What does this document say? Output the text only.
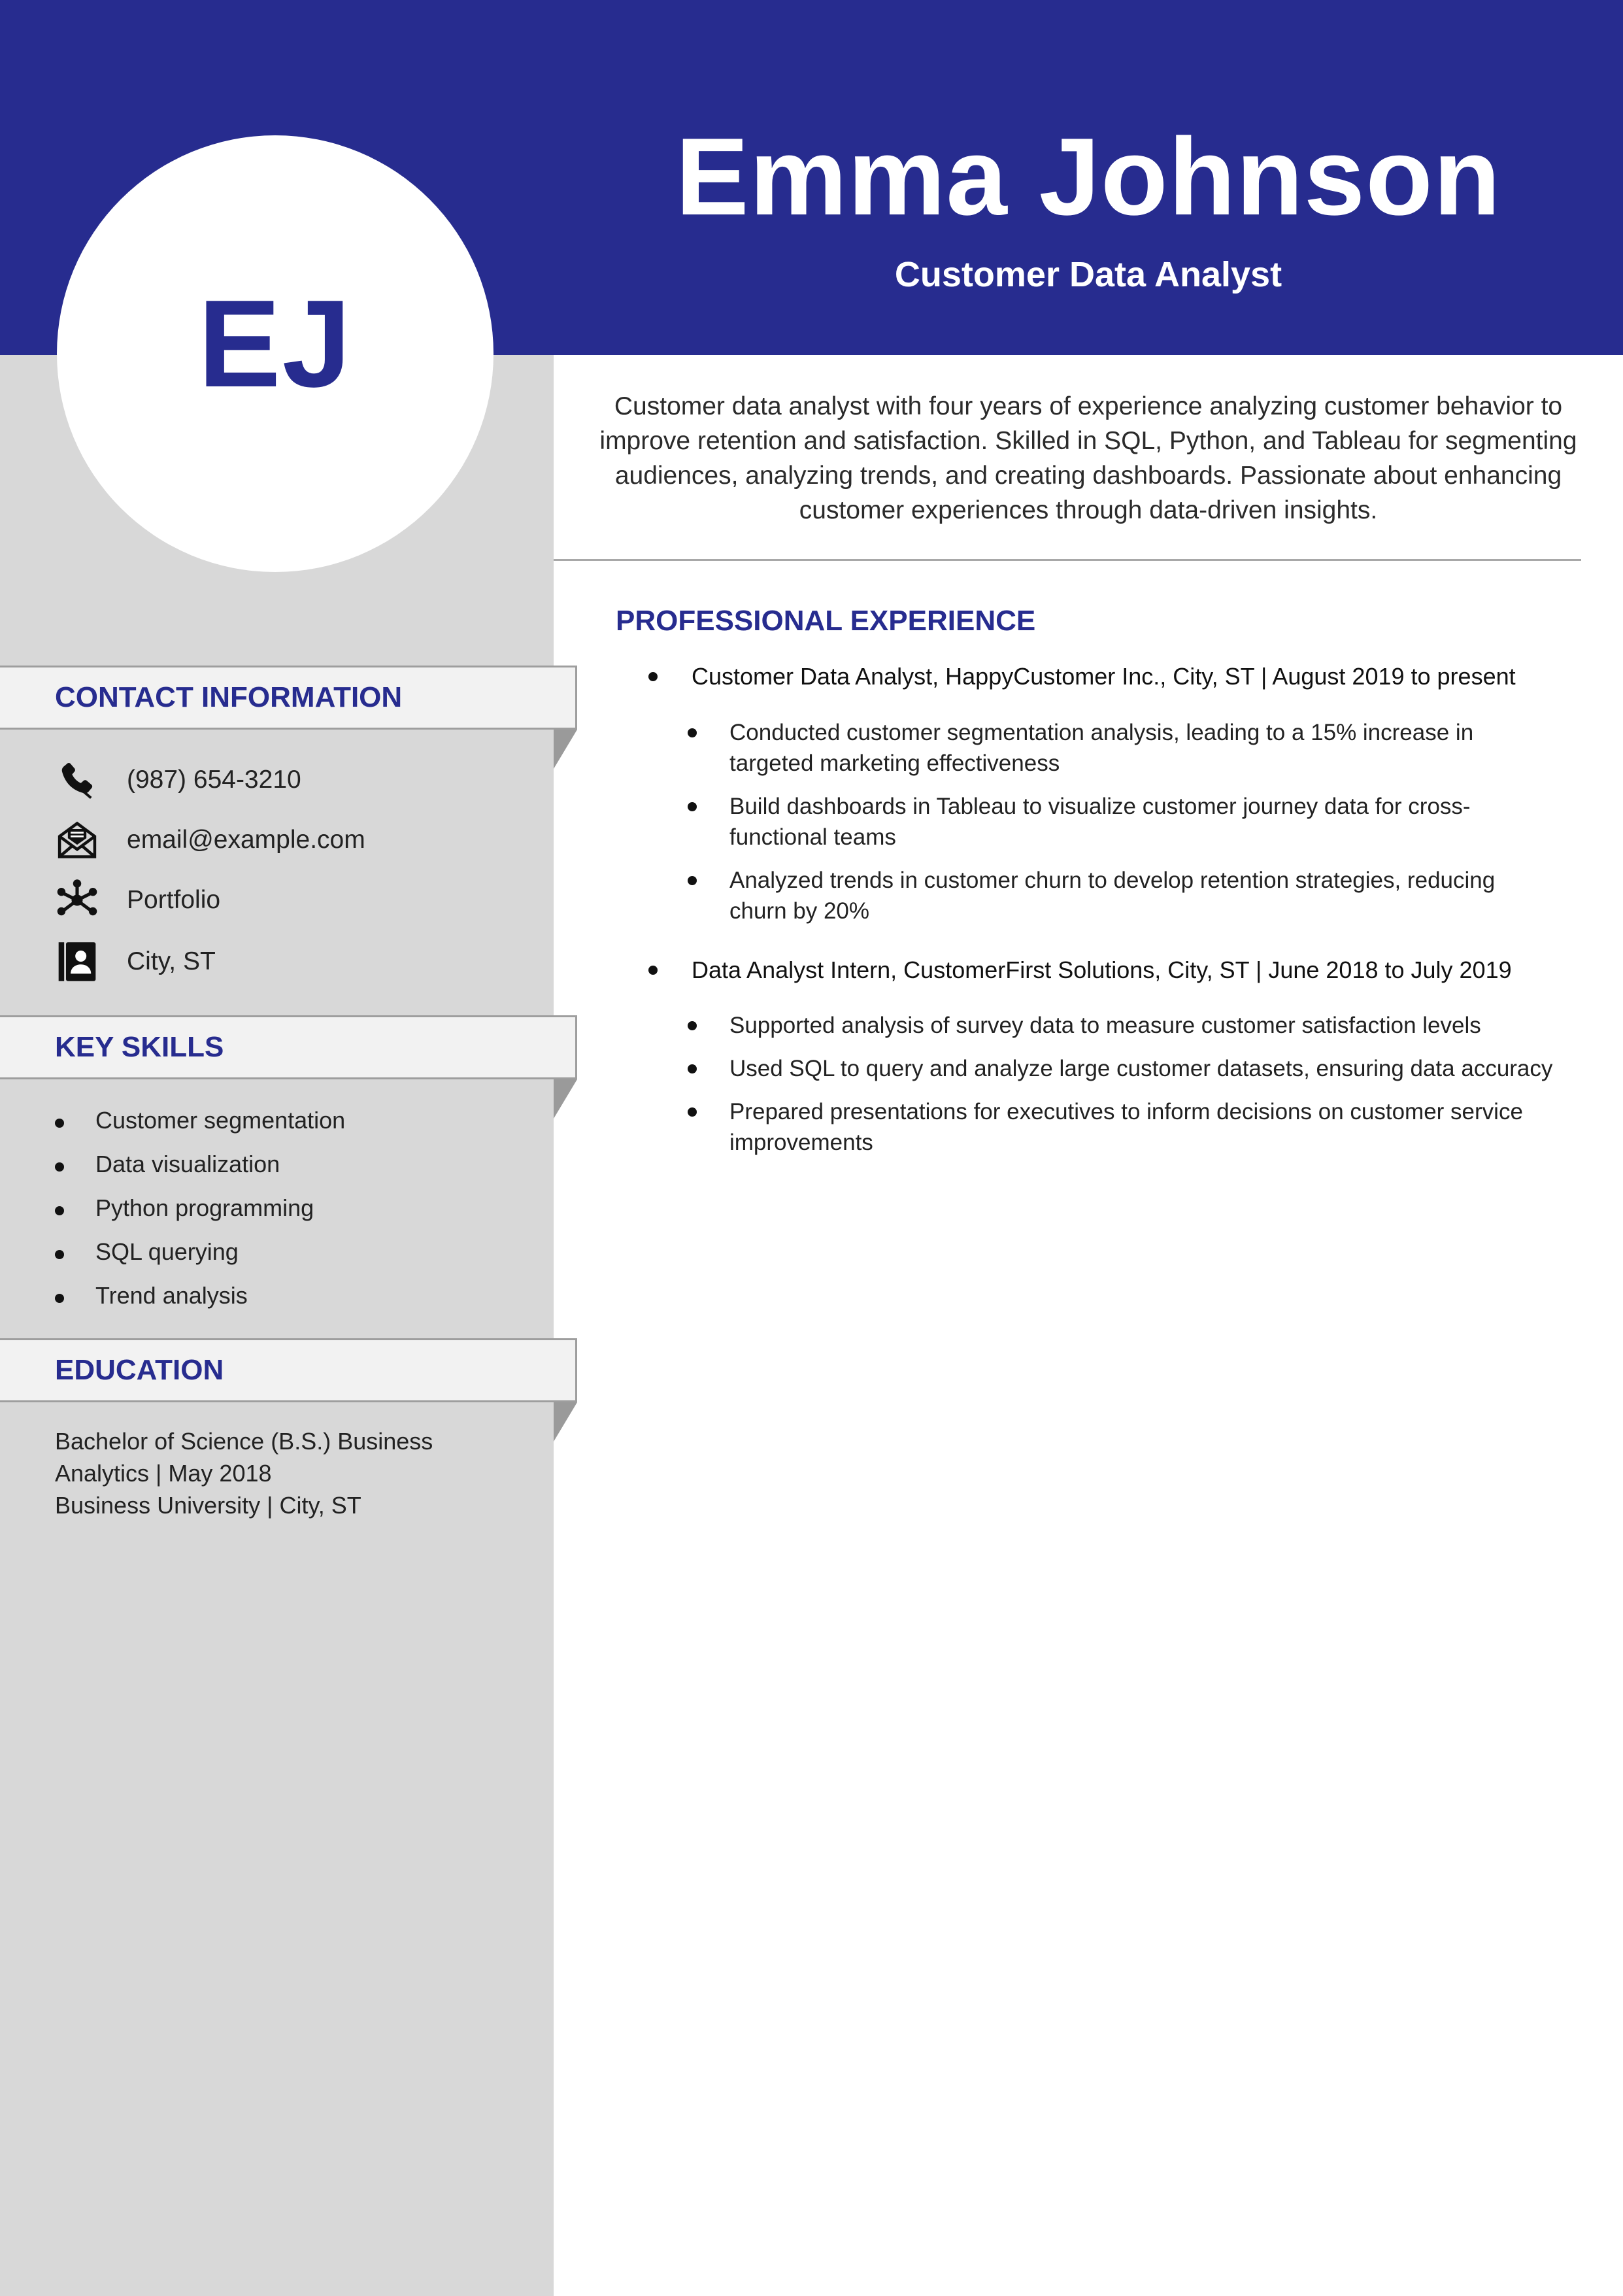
Emma Johnson
Customer Data Analyst
EJ	Customer data analyst with four years of experience analyzing customer behavior to improve retention and satisfaction. Skilled in SQL, Python, and Tableau for segmenting audiences, analyzing trends, and creating dashboards. Passionate about enhancing customer experiences through data-driven insights.
CONTACT INFORMATION
(987) 654-3210
email@example.com
Portfolio
City, ST
KEY SKILLS
Customer segmentation
Data visualization
Python programming
SQL querying
Trend analysis
EDUCATION
Bachelor of Science (B.S.) Business Analytics | May 2018
Business University | City, ST
PROFESSIONAL EXPERIENCE
Customer Data Analyst, HappyCustomer Inc., City, ST | August 2019 to present
Conducted customer segmentation analysis, leading to a 15% increase in targeted marketing effectiveness
Build dashboards in Tableau to visualize customer journey data for cross-functional teams
Analyzed trends in customer churn to develop retention strategies, reducing churn by 20%
Data Analyst Intern, CustomerFirst Solutions, City, ST | June 2018 to July 2019
Supported analysis of survey data to measure customer satisfaction levels
Used SQL to query and analyze large customer datasets, ensuring data accuracy
Prepared presentations for executives to inform decisions on customer service improvements
